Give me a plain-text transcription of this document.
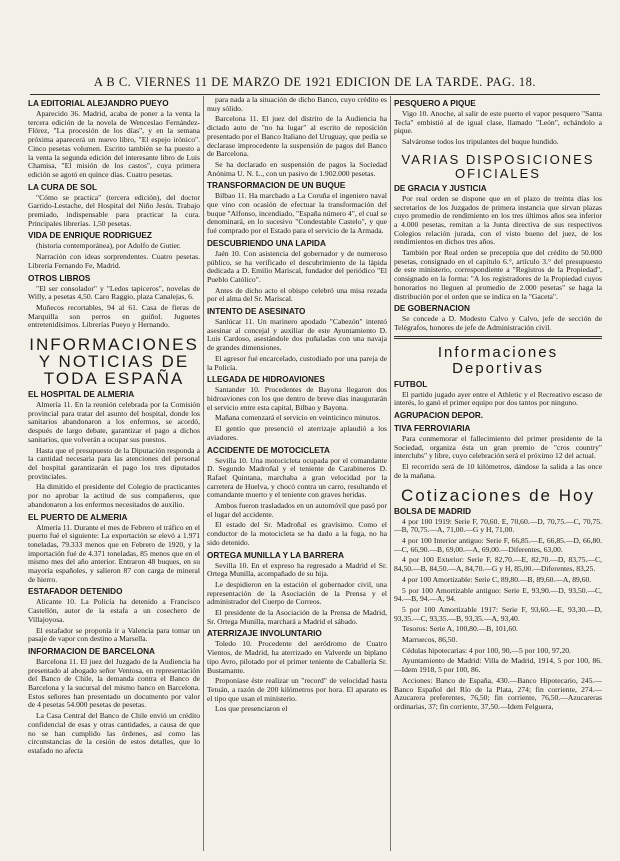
A B C. VIERNES 11 DE MARZO DE 1921 EDICION DE LA TARDE. PAG. 18.
LA EDITORIAL ALEJANDRO PUEYO

Aparecido 36. Madrid, acaba de poner a la venta la tercera edición de la novela de Wenceslao Fernández-Flórez, "La procesión de los días", y en la semana próxima aparecerá un nuevo libro, "El espejo irónico". Cinco pesetas volumen. Escrito también se ha puesto a la venta la segunda edición del interesante libro de Luis Chamisa, "El misión de los castos", cuya primera edición se agotó en quince días. Cuatro pesetas.

LA CURA DE SOL

"Cómo se practica" (tercera edición), del doctor Garrido-Lestache, del Hospital del Niño Jesús. Trabajo premiado, indispensable para practicar la cura. Principales librerías. 1,50 pesetas.

VIDA DE ENRIQUE RODRIGUEZ

(historia contemporánea), por Adolfo de Gutier.

Narración con ideas sorprendentes. Cuatro pesetas. Librería Fernando Fe, Madrid.

OTROS LIBROS

"El ser consolador" y "Ledos tapiceros", novelas de Willy, a pesetas 4,50. Caro Raggio, plaza Canalejas, 6.

Muñecos recortables, 94 al 61. Casa de fieras de Marquilla son perros en guiñol. Juguetes entretenidísimos. Librerías Pueyo y Hernando.

INFORMACIONES Y NOTICIAS DE TODA ESPAÑA
EL HOSPITAL DE ALMERIA

Almería 11. En la reunión celebrada por la Comisión provincial para tratar del asunto del hospital, donde los sanitarios abandonaron a los enfermos, se acordó, después de largo debate, garantizar el pago a dichos sanitarios, que volverán a ocupar sus puestos.

Hasta que el presupuesto de la Diputación responda a la cantidad necesaria para las atenciones del personal del hospital garantizarán el pago los tres diputados provinciales.

Ha dimitido el presidente del Colegio de practicantes por no aprobar la actitud de sus compañeros, que abandonaron a los enfermos necesitados de auxilio.

EL PUERTO DE ALMERIA

Almería 11. Durante el mes de Febrero el tráfico en el puerto fué el siguiente: La exportación se elevó a 1.971 toneladas, 79.333 menos que en Febrero de 1920, y la importación fué de 4.371 toneladas, 85 menos que en el mismo mes del año anterior. Entraron 48 buques, en su mayoría españoles, y salieron 87 con carga de mineral de hierro.

ESTAFADOR DETENIDO

Alicante 10. La Policía ha detenido a Francisco Castellón, autor de la estafa a un cosechero de Villajoyosa.

El estafador se proponía ir a Valencia para tomar un pasaje de vapor con destino a Marsella.

INFORMACION DE BARCELONA

Barcelona 11. El juez del Juzgado de la Audiencia ha presentado al abogado señor Ventosa, en representación del Banco de Chile, la demanda contra el Banco de Barcelona y la sucursal del mismo banco en Barcelona. Estos señores han presentado un documento por valor de 4 pesetas 54.000 pesetas de pesetas.

La Casa Central del Banco de Chile envió un crédito confidencial de esas y otras cantidades, a causa de que no se han cumplido las órdenes, así como las circunstancias de la cesión de estos detalles, que lo estafado no afecta

para nada a la situación de dicho Banco, cuyo crédito es muy sólido.

Barcelona 11. El juez del distrito de la Audiencia ha dictado auto de "no ha lugar" al escrito de reposición presentado por el Banco Italiano del Uruguay, que pedía se declarase improcedente la suspensión de pagos del Banco de Barcelona.

Se ha declarado en suspensión de pagos la Sociedad Anónima U. N. L., con un pasivo de 1.902.000 pesetas.

TRANSFORMACION DE UN BUQUE

Bilbao 11. Ha marchado a La Coruña el ingeniero naval que vino con ocasión de efectuar la transformación del buque "Alfonso, incendiado, "España número 4", el cual se denominará, en lo sucesivo "Condestable Castelo", y que fué comprado por el Estado para el servicio de la Armada.

DESCUBRIENDO UNA LAPIDA

Jaén 10. Con asistencia del gobernador y de numeroso público, se ha verificado el descubrimiento de la lápida dedicada a D. Emilio Mariscal, fundador del periódico "El Pueblo Católico".

Antes de dicho acto el obispo celebró una misa rezada por el alma del Sr. Mariscal.

INTENTO DE ASESINATO

Sanlúcar 11. Un marinero apodado "Cabezón" intentó asesinar al concejal y auxiliar de este Ayuntamiento D. Luis Cardoso, asestándole dos puñaladas con una navaja de grandes dimensiones.

El agresor fué encarcelado, custodiado por una pareja de la Policía.

LLEGADA DE HIDROAVIONES

Santander 10. Procedentes de Bayona llegaron dos hidroaviones con los que dentro de breve días inaugurarán el servicio entre esta capital, Bilbao y Bayona.

Mañana comenzará el servicio en veinticinco minutos.

El gentío que presenció el aterrizaje aplaudió a los aviadores.

ACCIDENTE DE MOTOCICLETA

Sevilla 10. Una motocicleta ocupada por el comandante D. Segundo Madroñal y el teniente de Carabineros D. Rafael Quintana, marchaba a gran velocidad por la carretera de Huelva, y chocó contra un carro, resultando el comandante muerto y el teniente con graves heridas.

Ambos fueron trasladados en un automóvil que pasó por el lugar del accidente.

El estado del Sr. Madroñal es gravísimo. Como el conductor de la motocicleta se ha dado a la fuga, no ha sido detenido.

ORTEGA MUNILLA Y LA BARRERA

Sevilla 10. En el expreso ha regresado a Madrid el Sr. Ortega Munilla, acompañado de su hija.

Le despidieron en la estación el gobernador civil, una representación de la Asociación de la Prensa y el administrador del Cuerpo de Correos.

El presidente de la Asociación de la Prensa de Madrid, Sr. Ortega Munilla, marchará a Madrid el sábado.

ATERRIZAJE INVOLUNTARIO

Toledo 10. Procedente del aeródromo de Cuatro Vientos, de Madrid, ha aterrizado en Valverde un biplano tipo Avro, pilotado por el primer teniente de Caballería Sr. Bustamante.

Proponíase éste realizar un "record" de velocidad hasta Tetuán, a razón de 200 kilómetros por hora. El aparato es el tipo que usan el ministerio.

Los que presenciaron el

PESQUERO A PIQUE

Vigo 10. Anoche, al salir de este puerto el vapor pesquero "Santa Tecla" embistió al de igual clase, llamado "León", echándolo a pique.

Salváronse todos los tripulantes del buque hundido.

VARIAS DISPOSICIONES OFICIALES
DE GRACIA Y JUSTICIA

Por real orden se dispone que en el plazo de treinta días los secretarios de los Juzgados de primera instancia que sirvan plazas cuyo promedio de rendimiento en los tres últimos años sea inferior a 4.000 pesetas, remitan a la Junta directiva de sus respectivos Colegios relación jurada, con el visto bueno del juez, de los rendimientos en dichos tres años.

También por Real orden se preceptúa que del crédito de 50.000 pesetas, consignado en el capítulo 6.°, artículo 3.° del presupuesto de este ministerio, correspondiente a "Registros de la Propiedad", consignado en la forma: "A los registradores de la Propiedad cuyos honorarios no lleguen al promedio de 2.000 pesetas" se haga la distribución por el orden que se indica en la "Gaceta".

DE GOBERNACION

Se concede a D. Modesto Calvo y Calvo, jefe de sección de Telégrafos, honores de jefe de Administración civil.

Informaciones Deportivas
FUTBOL

El partido jugado ayer entre el Athletic y el Recreativo escaso de interés, lo ganó el primer equipo por dos tantos por ninguno.

AGRUPACION DEPOR.
TIVA FERROVIARIA

Para conmemorar el fallecimiento del primer presidente de la Sociedad, organiza ésta un gran premio de "cros country" interclubs" y libre, cuyo celebración será el próximo 12 del actual.

El recorrido será de 10 kilómetros, dándose la salida a las once de la mañana.

Cotizaciones de Hoy
BOLSA DE MADRID

4 por 100 1919: Serie F, 70,60. E, 70,60.—D, 70,75.—C, 70,75.—B, 70,75.—A, 71,00.—G y H, 71,00.

4 por 100 Interior antiguo: Serie F, 66,85.—E, 66,85.—D, 66,80.—C, 66,90.—B, 69,00.—A, 69,00.—Diferentes, 63,00.

4 por 100 Exterior: Serie F, 82,70.—E, 82,70.—D, 83,75.—C, 84,50.—B, 84,50.—A, 84,70.—G y H, 85,00.—Diferentes, 83,25.

4 por 100 Amortizable: Serie C, 89,80.—B, 89,60.—A, 89,60.

5 por 100 Amortizable antiguo: Serie E, 93,90.—D, 93,50.—C, 94.—B, 94.—A, 94.

5 por 100 Amortizable 1917: Serie F, 93,60.—E, 93,30.—D, 93,35.—C, 93,35.—B, 93,35.—A, 93,40.

Tesoros: Serie A, 100,80.—B, 101,60.

Marruecos, 86,50.

Cédulas hipotecarias: 4 por 100, 90,—5 por 100, 97,20.

Ayuntamiento de Madrid: Villa de Madrid, 1914, 5 por 100, 86.—Idem 1918, 5 por 100, 86.

Acciones: Banco de España, 430.—Banco Hipotecario, 245.—Banco Español del Río de la Plata, 274; fin corriente, 274.—Azucarera preferentes, 76,50; fin corriente, 76,50.—Azucareras ordinarias, 37; fin corriente, 37,50.—Idem Felguera,
